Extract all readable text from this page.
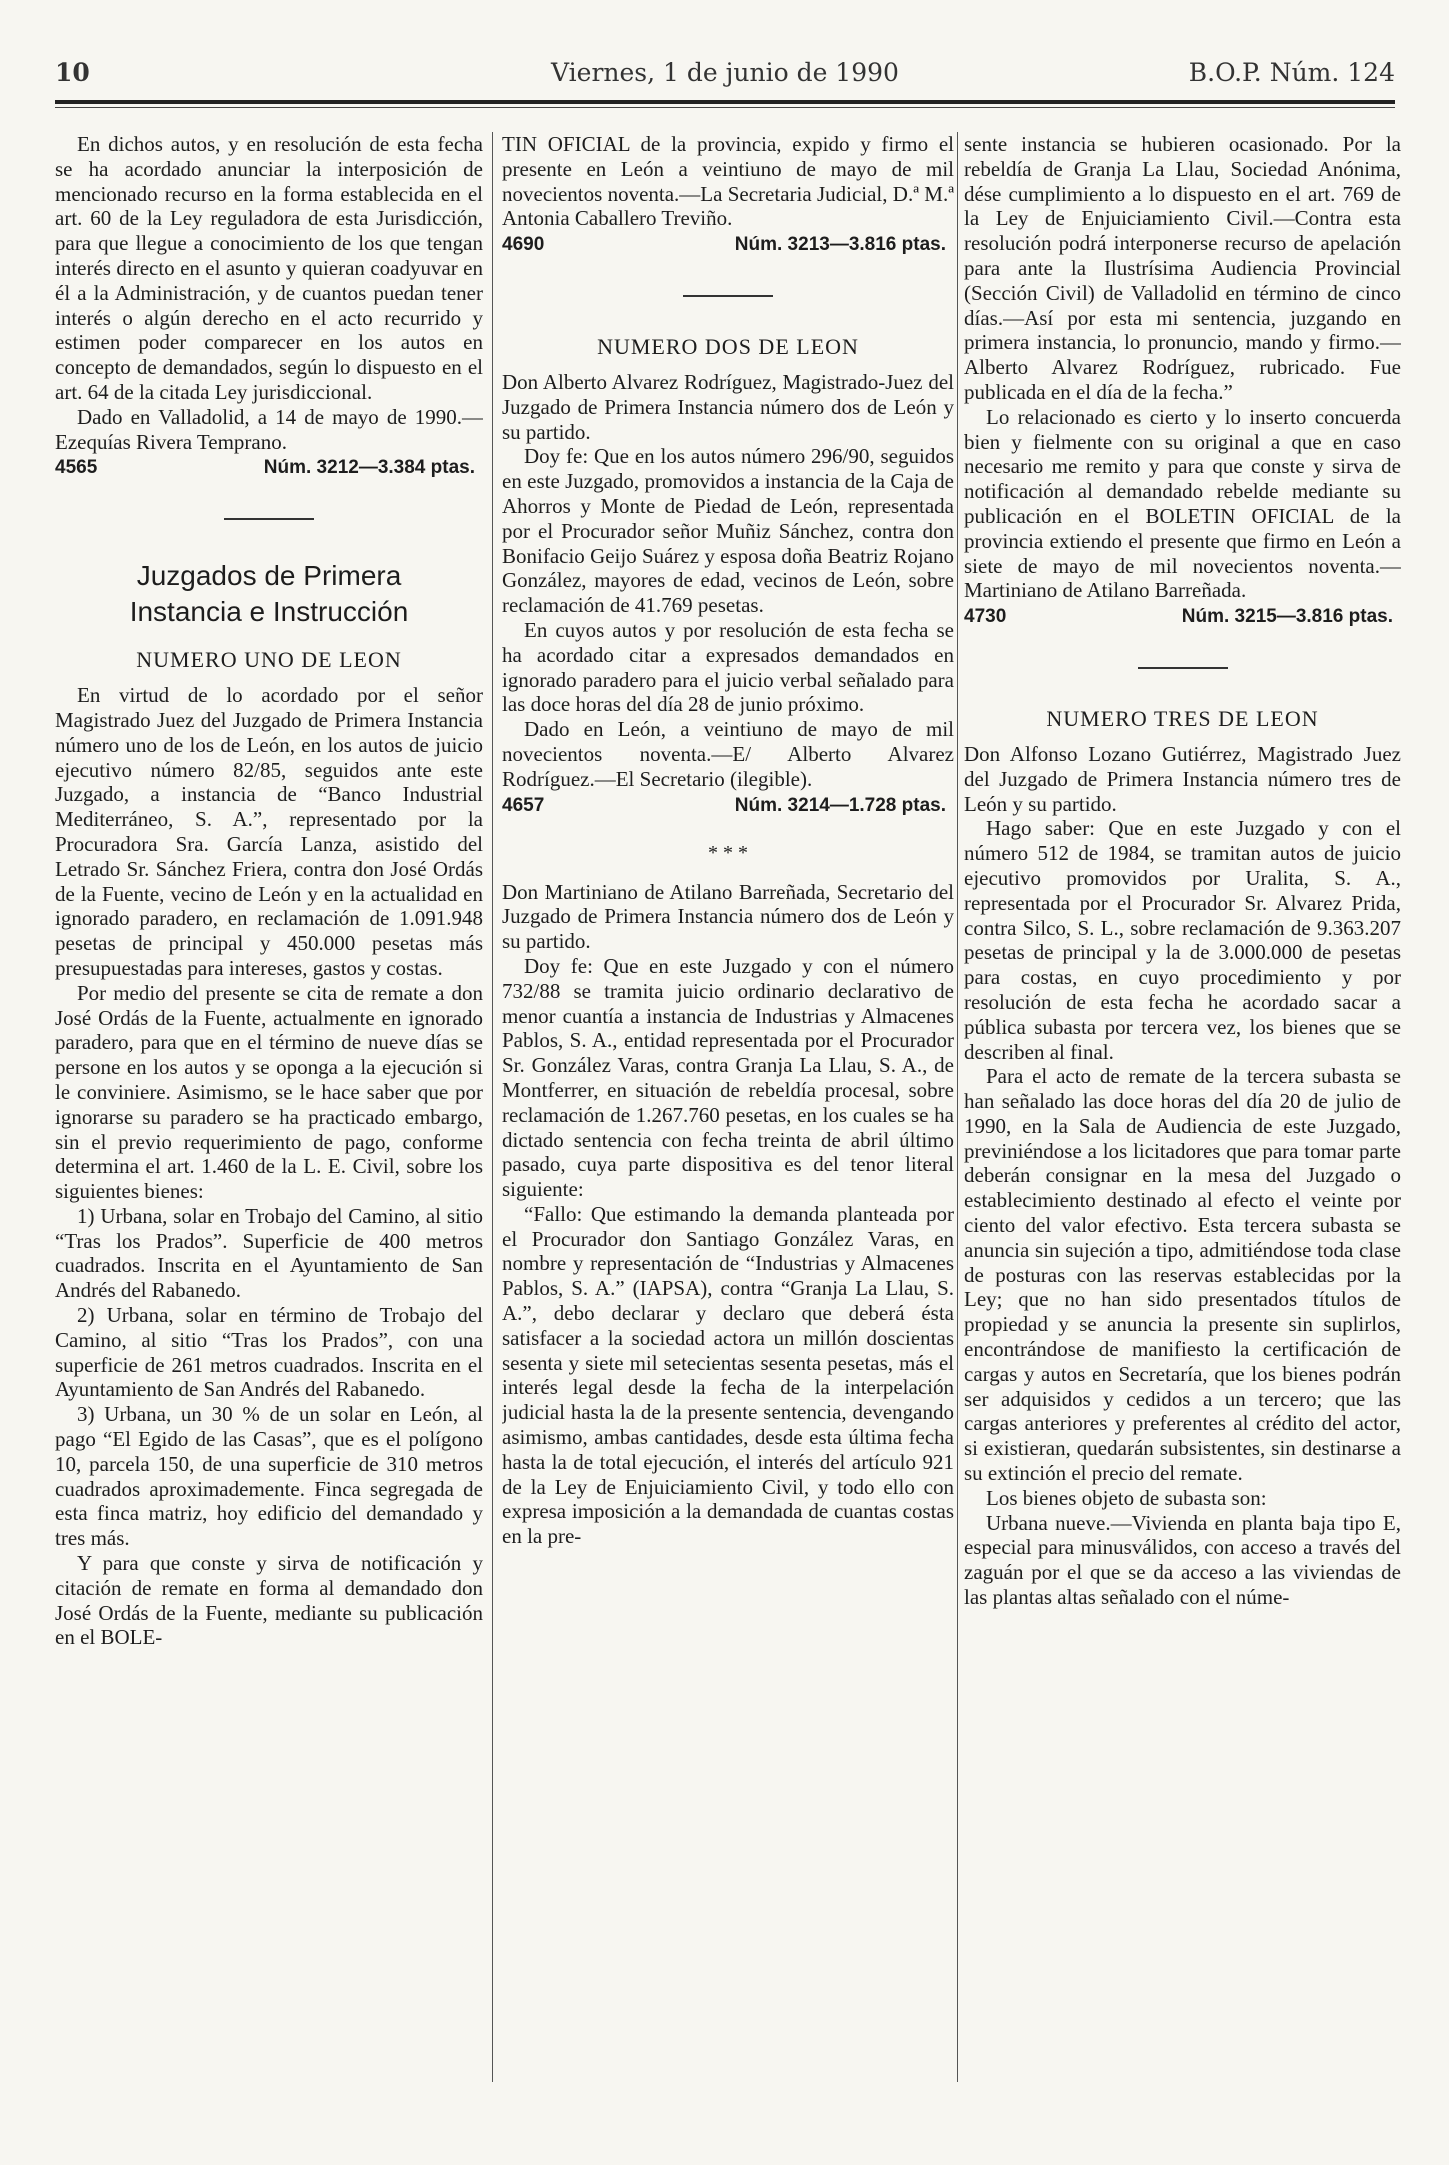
10	Viernes, 1 de junio de 1990	B.O.P. Núm. 124

En dichos autos, y en resolución de esta fecha se ha acordado anunciar la interposición de mencionado recurso en la forma establecida en el art. 60 de la Ley reguladora de esta Jurisdicción, para que llegue a conocimiento de los que tengan interés directo en el asunto y quieran coadyuvar en él a la Administración, y de cuantos puedan tener interés o algún derecho en el acto recurrido y estimen poder comparecer en los autos en concepto de demandados, según lo dispuesto en el art. 64 de la citada Ley jurisdiccional.

Dado en Valladolid, a 14 de mayo de 1990.—Ezequías Rivera Temprano.

4565	Núm. 3212—3.384 ptas.
Juzgados de Primera
Instancia e Instrucción
NUMERO UNO DE LEON

En virtud de lo acordado por el señor Magistrado Juez del Juzgado de Primera Instancia número uno de los de León, en los autos de juicio ejecutivo número 82/85, seguidos ante este Juzgado, a instancia de “Banco Industrial Mediterráneo, S. A.”, representado por la Procuradora Sra. García Lanza, asistido del Letrado Sr. Sánchez Friera, contra don José Ordás de la Fuente, vecino de León y en la actualidad en ignorado paradero, en reclamación de 1.091.948 pesetas de principal y 450.000 pesetas más presupuestadas para intereses, gastos y costas.

Por medio del presente se cita de remate a don José Ordás de la Fuente, actualmente en ignorado paradero, para que en el término de nueve días se persone en los autos y se oponga a la ejecución si le conviniere. Asimismo, se le hace saber que por ignorarse su paradero se ha practicado embargo, sin el previo requerimiento de pago, conforme determina el art. 1.460 de la L. E. Civil, sobre los siguientes bienes:

1) Urbana, solar en Trobajo del Camino, al sitio “Tras los Prados”. Superficie de 400 metros cuadrados. Inscrita en el Ayuntamiento de San Andrés del Rabanedo.

2) Urbana, solar en término de Trobajo del Camino, al sitio “Tras los Prados”, con una superficie de 261 metros cuadrados. Inscrita en el Ayuntamiento de San Andrés del Rabanedo.

3) Urbana, un 30 % de un solar en León, al pago “El Egido de las Casas”, que es el polígono 10, parcela 150, de una superficie de 310 metros cuadrados aproximademente. Finca segregada de esta finca matriz, hoy edificio del demandado y tres más.

Y para que conste y sirva de notificación y citación de remate en forma al demandado don José Ordás de la Fuente, mediante su publicación en el BOLE-

TIN OFICIAL de la provincia, expido y firmo el presente en León a veintiuno de mayo de mil novecientos noventa.—La Secretaria Judicial, D.ª M.ª Antonia Caballero Treviño.

4690	Núm. 3213—3.816 ptas.
NUMERO DOS DE LEON

Don Alberto Alvarez Rodríguez, Magistrado-Juez del Juzgado de Primera Instancia número dos de León y su partido.

Doy fe: Que en los autos número 296/90, seguidos en este Juzgado, promovidos a instancia de la Caja de Ahorros y Monte de Piedad de León, representada por el Procurador señor Muñiz Sánchez, contra don Bonifacio Geijo Suárez y esposa doña Beatriz Rojano González, mayores de edad, vecinos de León, sobre reclamación de 41.769 pesetas.

En cuyos autos y por resolución de esta fecha se ha acordado citar a expresados demandados en ignorado paradero para el juicio verbal señalado para las doce horas del día 28 de junio próximo.

Dado en León, a veintiuno de mayo de mil novecientos noventa.—E/ Alberto Alvarez Rodríguez.—El Secretario (ilegible).

4657	Núm. 3214—1.728 ptas.
* * *

Don Martiniano de Atilano Barreñada, Secretario del Juzgado de Primera Instancia número dos de León y su partido.

Doy fe: Que en este Juzgado y con el número 732/88 se tramita juicio ordinario declarativo de menor cuantía a instancia de Industrias y Almacenes Pablos, S. A., entidad representada por el Procurador Sr. González Varas, contra Granja La Llau, S. A., de Montferrer, en situación de rebeldía procesal, sobre reclamación de 1.267.760 pesetas, en los cuales se ha dictado sentencia con fecha treinta de abril último pasado, cuya parte dispositiva es del tenor literal siguiente:

“Fallo: Que estimando la demanda planteada por el Procurador don Santiago González Varas, en nombre y representación de “Industrias y Almacenes Pablos, S. A.” (IAPSA), contra “Granja La Llau, S. A.”, debo declarar y declaro que deberá ésta satisfacer a la sociedad actora un millón doscientas sesenta y siete mil setecientas sesenta pesetas, más el interés legal desde la fecha de la interpelación judicial hasta la de la presente sentencia, devengando asimismo, ambas cantidades, desde esta última fecha hasta la de total ejecución, el interés del artículo 921 de la Ley de Enjuiciamiento Civil, y todo ello con expresa imposición a la demandada de cuantas costas en la pre-

sente instancia se hubieren ocasionado. Por la rebeldía de Granja La Llau, Sociedad Anónima, dése cumplimiento a lo dispuesto en el art. 769 de la Ley de Enjuiciamiento Civil.—Contra esta resolución podrá interponerse recurso de apelación para ante la Ilustrísima Audiencia Provincial (Sección Civil) de Valladolid en término de cinco días.—Así por esta mi sentencia, juzgando en primera instancia, lo pronuncio, mando y firmo.—Alberto Alvarez Rodríguez, rubricado. Fue publicada en el día de la fecha.”

Lo relacionado es cierto y lo inserto concuerda bien y fielmente con su original a que en caso necesario me remito y para que conste y sirva de notificación al demandado rebelde mediante su publicación en el BOLETIN OFICIAL de la provincia extiendo el presente que firmo en León a siete de mayo de mil novecientos noventa.—Martiniano de Atilano Barreñada.

4730	Núm. 3215—3.816 ptas.
NUMERO TRES DE LEON

Don Alfonso Lozano Gutiérrez, Magistrado Juez del Juzgado de Primera Instancia número tres de León y su partido.

Hago saber: Que en este Juzgado y con el número 512 de 1984, se tramitan autos de juicio ejecutivo promovidos por Uralita, S. A., representada por el Procurador Sr. Alvarez Prida, contra Silco, S. L., sobre reclamación de 9.363.207 pesetas de principal y la de 3.000.000 de pesetas para costas, en cuyo procedimiento y por resolución de esta fecha he acordado sacar a pública subasta por tercera vez, los bienes que se describen al final.

Para el acto de remate de la tercera subasta se han señalado las doce horas del día 20 de julio de 1990, en la Sala de Audiencia de este Juzgado, previniéndose a los licitadores que para tomar parte deberán consignar en la mesa del Juzgado o establecimiento destinado al efecto el veinte por ciento del valor efectivo. Esta tercera subasta se anuncia sin sujeción a tipo, admitiéndose toda clase de posturas con las reservas establecidas por la Ley; que no han sido presentados títulos de propiedad y se anuncia la presente sin suplirlos, encontrándose de manifiesto la certificación de cargas y autos en Secretaría, que los bienes podrán ser adquisidos y cedidos a un tercero; que las cargas anteriores y preferentes al crédito del actor, si existieran, quedarán subsistentes, sin destinarse a su extinción el precio del remate.

Los bienes objeto de subasta son:

Urbana nueve.—Vivienda en planta baja tipo E, especial para minusválidos, con acceso a través del zaguán por el que se da acceso a las viviendas de las plantas altas señalado con el núme-
